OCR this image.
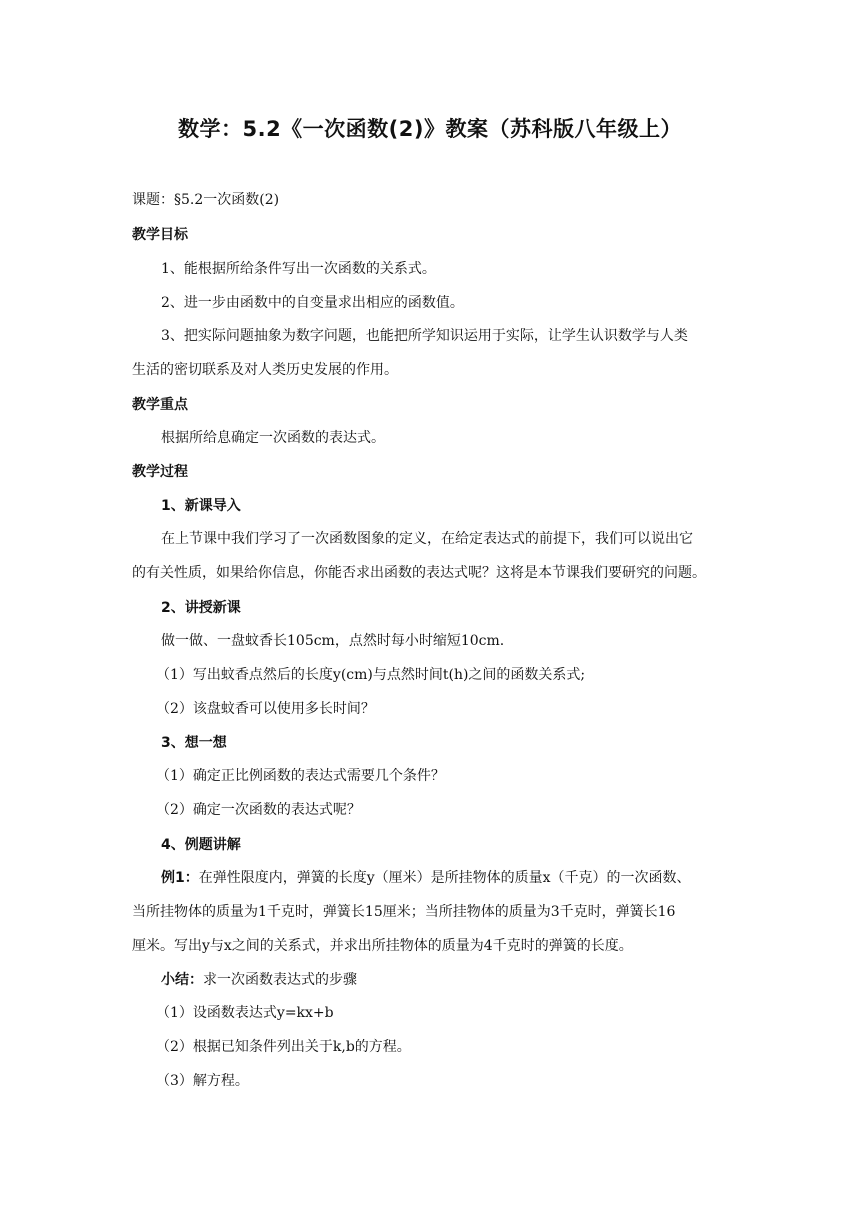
数学：5.2《一次函数(2)》教案（苏科版八年级上）
课题：§5.2一次函数(2)
教学目标
1、能根据所给条件写出一次函数的关系式。
2、进一步由函数中的自变量求出相应的函数值。
3、把实际问题抽象为数字问题，也能把所学知识运用于实际，让学生认识数学与人类
生活的密切联系及对人类历史发展的作用。
教学重点
根据所给息确定一次函数的表达式。
教学过程
1、新课导入
在上节课中我们学习了一次函数图象的定义，在给定表达式的前提下，我们可以说出它
的有关性质，如果给你信息，你能否求出函数的表达式呢？这将是本节课我们要研究的问题。
2、讲授新课
做一做、一盘蚊香长105cm，点然时每小时缩短10cm.
（1）写出蚊香点然后的长度y(cm)与点然时间t(h)之间的函数关系式;
（2）该盘蚊香可以使用多长时间？
3、想一想
（1）确定正比例函数的表达式需要几个条件？
（2）确定一次函数的表达式呢？
4、例题讲解
例1：在弹性限度内，弹簧的长度y（厘米）是所挂物体的质量x（千克）的一次函数、
当所挂物体的质量为1千克时，弹簧长15厘米；当所挂物体的质量为3千克时，弹簧长16
厘米。写出y与x之间的关系式，并求出所挂物体的质量为4千克时的弹簧的长度。
小结：求一次函数表达式的步骤
（1）设函数表达式y=kx+b
（2）根据已知条件列出关于k,b的方程。
（3）解方程。
